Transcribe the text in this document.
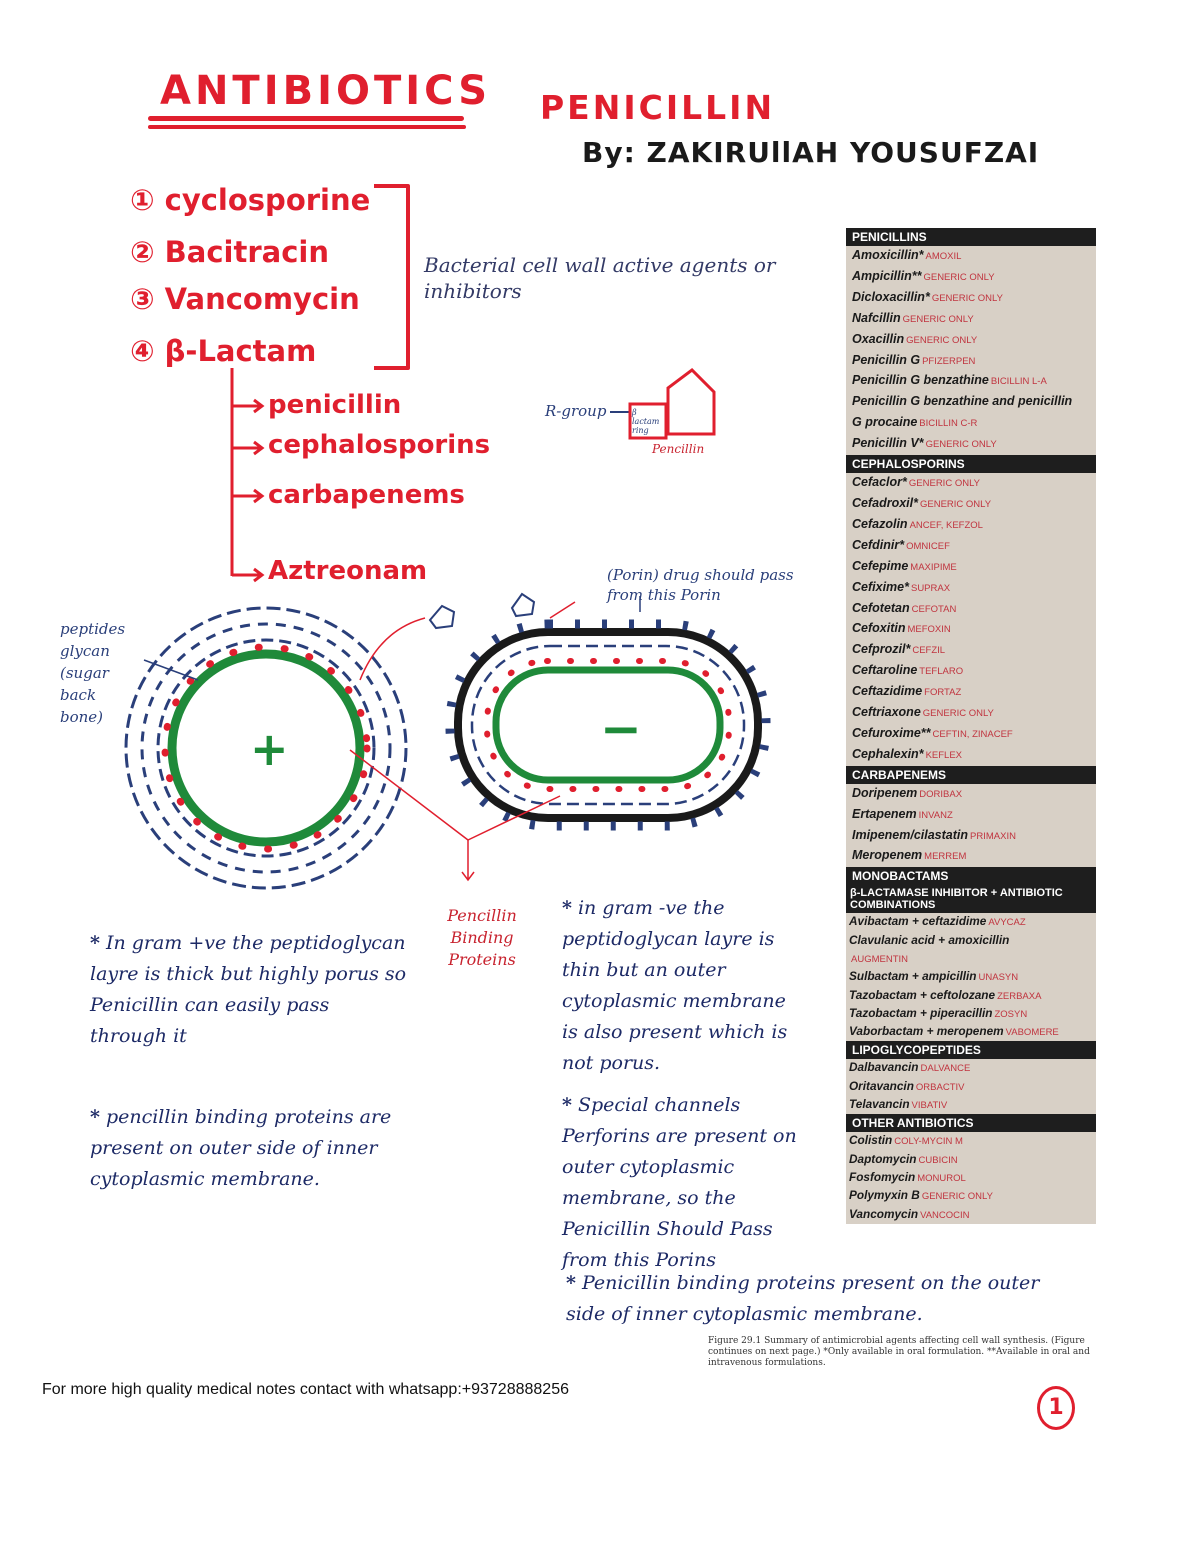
ANTIBIOTICS PENICILLIN
By: ZAKIRUllAH YOUSUFZAI
① cyclosporine
② Bacitracin
③ Vancomycin
④ β-Lactam
Bacterial cell wall active agents or inhibitors
penicillin
cephalosporins
carbapenems
Aztreonam
R-group	β lactam ring
Pencillin
+	−
peptides glycan (sugar back bone)
(Porin) drug should pass from this Porin
Pencillin Binding Proteins
* In gram +ve the peptidoglycan layre is thick but highly porus so Penicillin can easily pass through it
* pencillin binding proteins are present on outer side of inner cytoplasmic membrane.
* in gram -ve the peptidoglycan layre is thin but an outer cytoplasmic membrane is also present which is not porus.
* Special channels Perforins are present on outer cytoplasmic membrane, so the Penicillin Should Pass from this Porins
* Penicillin binding proteins present on the outer side of inner cytoplasmic membrane.
PENICILLINS
Amoxicillin* AMOXIL
Ampicillin** GENERIC ONLY
Dicloxacillin* GENERIC ONLY
Nafcillin GENERIC ONLY
Oxacillin GENERIC ONLY
Penicillin G PFIZERPEN
Penicillin G benzathine BICILLIN L-A
Penicillin G benzathine and penicillin
G procaine BICILLIN C-R
Penicillin V* GENERIC ONLY
CEPHALOSPORINS
Cefaclor* GENERIC ONLY
Cefadroxil* GENERIC ONLY
Cefazolin ANCEF, KEFZOL
Cefdinir* OMNICEF
Cefepime MAXIPIME
Cefixime* SUPRAX
Cefotetan CEFOTAN
Cefoxitin MEFOXIN
Cefprozil* CEFZIL
Ceftaroline TEFLARO
Ceftazidime FORTAZ
Ceftriaxone GENERIC ONLY
Cefuroxime** CEFTIN, ZINACEF
Cephalexin* KEFLEX
CARBAPENEMS
Doripenem DORIBAX
Ertapenem INVANZ
Imipenem/cilastatin PRIMAXIN
Meropenem MERREM
MONOBACTAMS
β-LACTAMASE INHIBITOR + ANTIBIOTIC COMBINATIONS
Avibactam + ceftazidime AVYCAZ
Clavulanic acid + amoxicillin
AUGMENTIN
Sulbactam + ampicillin UNASYN
Tazobactam + ceftolozane ZERBAXA
Tazobactam + piperacillin ZOSYN
Vaborbactam + meropenem VABOMERE
LIPOGLYCOPEPTIDES
Dalbavancin DALVANCE
Oritavancin ORBACTIV
Telavancin VIBATIV
OTHER ANTIBIOTICS
Colistin COLY-MYCIN M
Daptomycin CUBICIN
Fosfomycin MONUROL
Polymyxin B GENERIC ONLY
Vancomycin VANCOCIN
Figure 29.1 Summary of antimicrobial agents affecting cell wall synthesis. (Figure continues on next page.) *Only available in oral formulation. **Available in oral and intravenous formulations.
For more high quality medical notes contact with whatsapp:+93728888256
1
